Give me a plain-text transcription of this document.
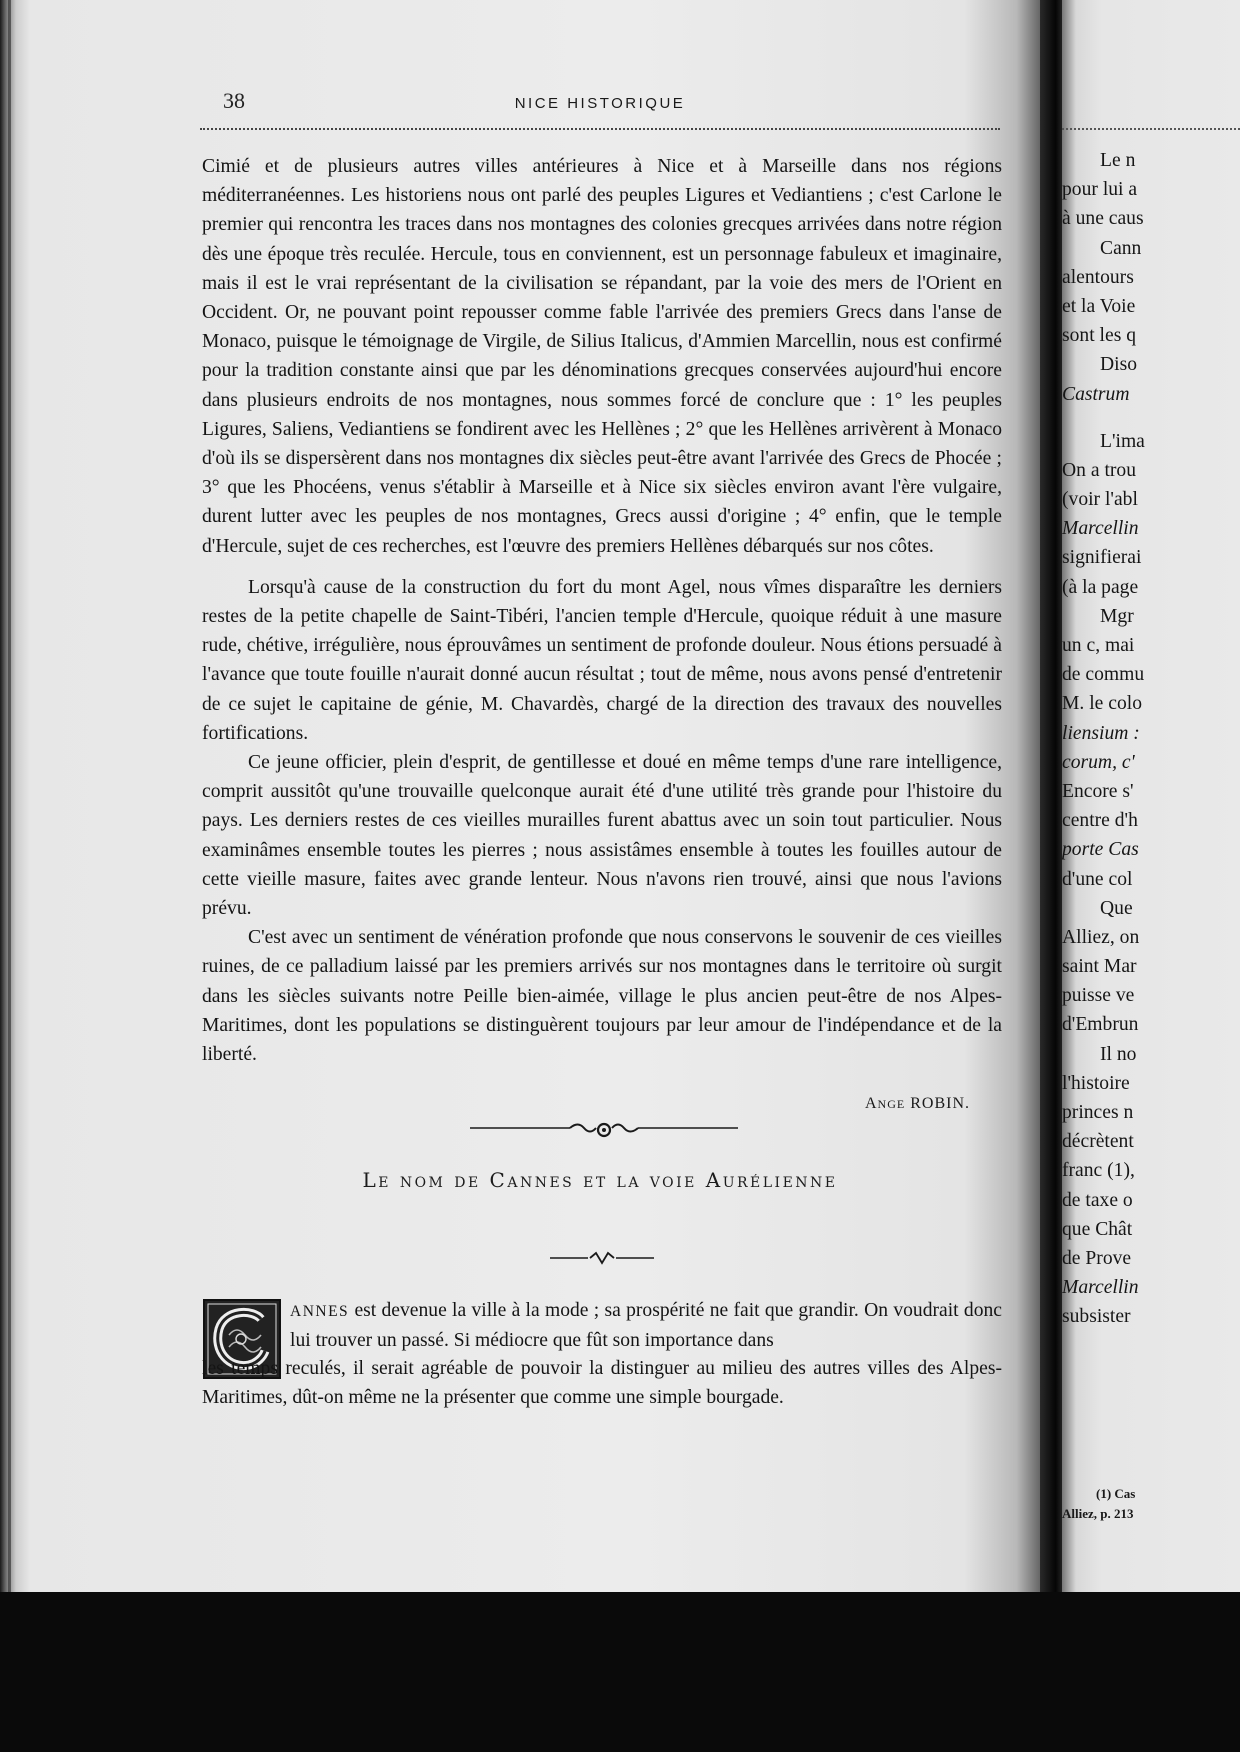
Le n
pour lui a
à une caus
Cann
alentours
et la Voie
sont les q
Diso
Castrum
L'ima
On a trou
(voir l'abl
Marcellin
signifierai
(à la page
Mgr
un c, mai
de commu
M. le colo
liensium :
corum, c'
Encore s'
centre d'h
porte Cas
d'une col
Que
Alliez, on
saint Mar
puisse ve
d'Embrun
Il no
l'histoire
princes n
décrètent
franc (1),
de taxe o
que Chât
de Prove
Marcellin
subsister
(1) Cas
Alliez, p. 213
38	NICE HISTORIQUE

Cimié et de plusieurs autres villes antérieures à Nice et à Marseille dans nos régions méditerranéennes. Les historiens nous ont parlé des peuples Ligures et Vediantiens ; c'est Carlone le premier qui rencontra les traces dans nos montagnes des colonies grecques arrivées dans notre région dès une époque très reculée. Hercule, tous en conviennent, est un personnage fabuleux et imaginaire, mais il est le vrai représentant de la civilisation se répandant, par la voie des mers de l'Orient en Occident. Or, ne pouvant point repousser comme fable l'arrivée des premiers Grecs dans l'anse de Monaco, puisque le témoignage de Virgile, de Silius Italicus, d'Ammien Marcellin, nous est confirmé pour la tradition constante ainsi que par les dénominations grecques conservées aujourd'hui encore dans plusieurs endroits de nos montagnes, nous sommes forcé de conclure que : 1° les peuples Ligures, Saliens, Vediantiens se fondirent avec les Hellènes ; 2° que les Hellènes arrivèrent à Monaco d'où ils se dispersèrent dans nos montagnes dix siècles peut-être avant l'arrivée des Grecs de Phocée ; 3° que les Phocéens, venus s'établir à Marseille et à Nice six siècles environ avant l'ère vulgaire, durent lutter avec les peuples de nos montagnes, Grecs aussi d'origine ; 4° enfin, que le temple d'Hercule, sujet de ces recherches, est l'œuvre des premiers Hellènes débarqués sur nos côtes.

Lorsqu'à cause de la construction du fort du mont Agel, nous vîmes disparaître les derniers restes de la petite chapelle de Saint-Tibéri, l'ancien temple d'Hercule, quoique réduit à une masure rude, chétive, irrégulière, nous éprouvâmes un sentiment de profonde douleur. Nous étions persuadé à l'avance que toute fouille n'aurait donné aucun résultat ; tout de même, nous avons pensé d'entretenir de ce sujet le capitaine de génie, M. Chavardès, chargé de la direction des travaux des nouvelles fortifications.

Ce jeune officier, plein d'esprit, de gentillesse et doué en même temps d'une rare intelligence, comprit aussitôt qu'une trouvaille quelconque aurait été d'une utilité très grande pour l'histoire du pays. Les derniers restes de ces vieilles murailles furent abattus avec un soin tout particulier. Nous examinâmes ensemble toutes les pierres ; nous assistâmes ensemble à toutes les fouilles autour de cette vieille masure, faites avec grande lenteur. Nous n'avons rien trouvé, ainsi que nous l'avions prévu.

C'est avec un sentiment de vénération profonde que nous conservons le souvenir de ces vieilles ruines, de ce palladium laissé par les premiers arrivés sur nos montagnes dans le territoire où surgit dans les siècles suivants notre Peille bien-aimée, village le plus ancien peut-être de nos Alpes-Maritimes, dont les populations se distinguèrent toujours par leur amour de l'indépendance et de la liberté.

ANGE ROBIN.
Le nom de Cannes et la voie Aurélienne
ANNES est devenue la ville à la mode ; sa prospérité ne fait que grandir. On voudrait donc lui trouver un passé. Si médiocre que fût son importance dans

les temps reculés, il serait agréable de pouvoir la distinguer au milieu des autres villes des Alpes-Maritimes, dût-on même ne la présenter que comme une simple bourgade.
